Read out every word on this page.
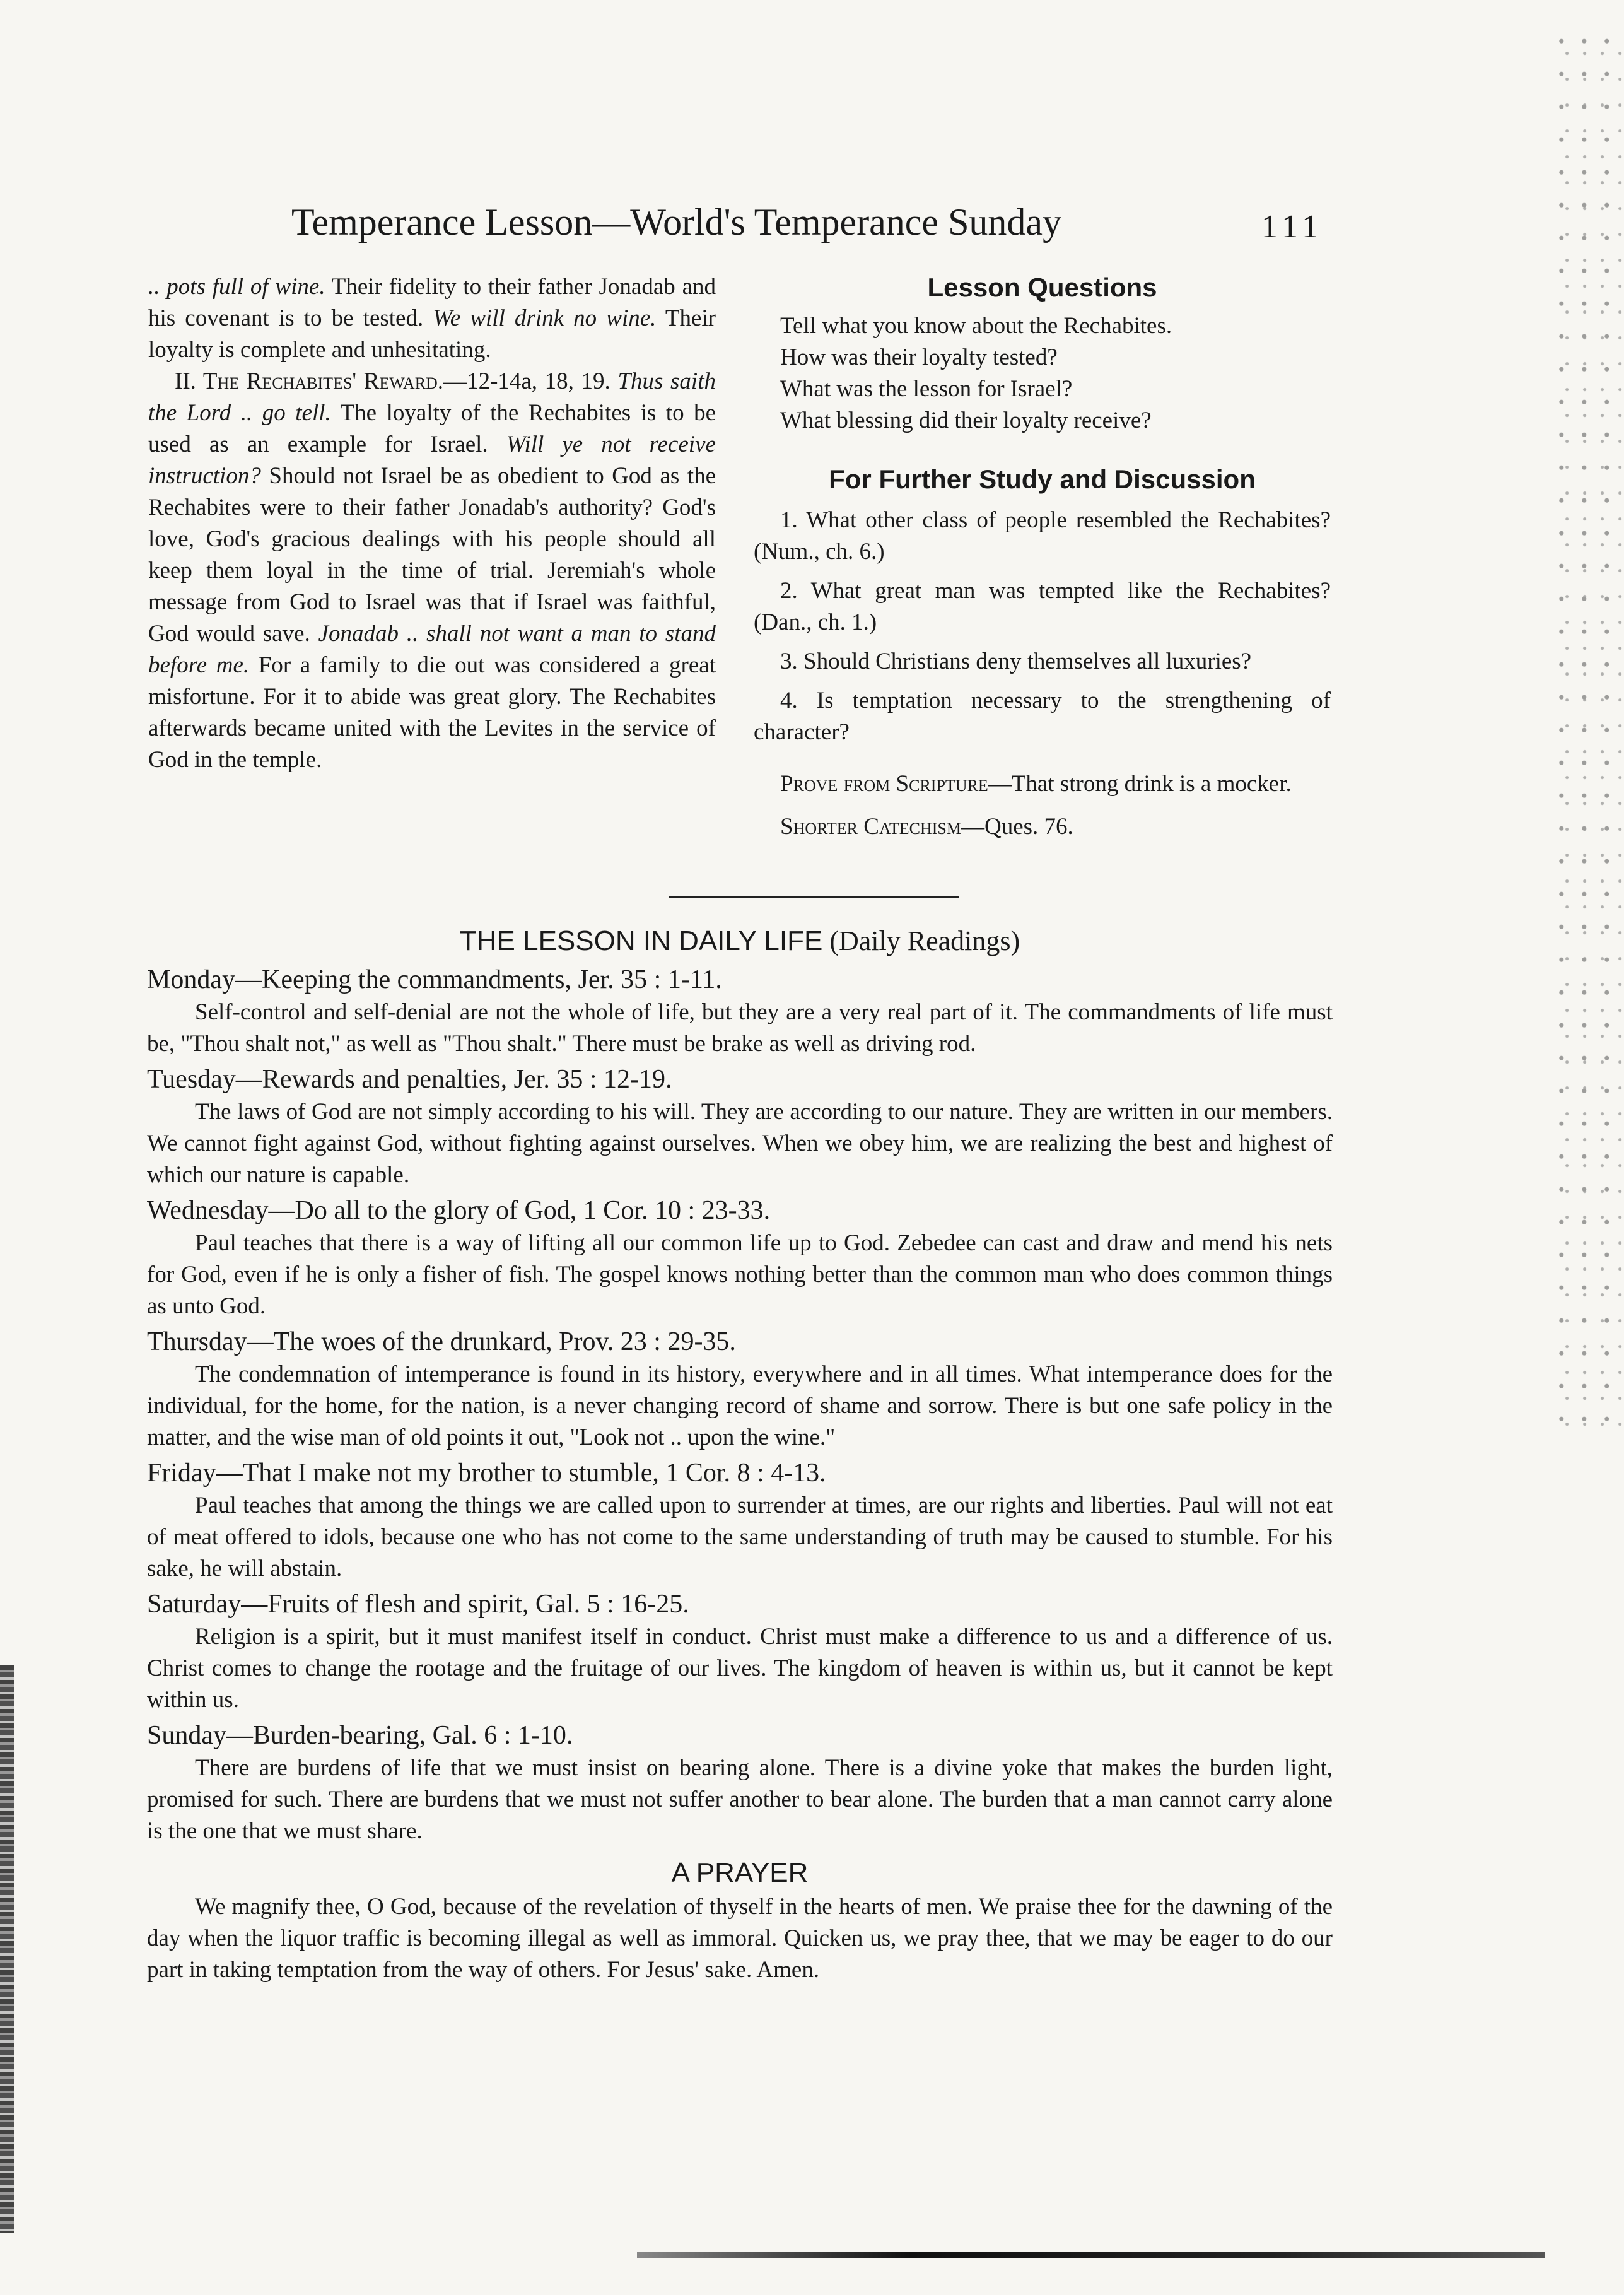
Temperance Lesson—World's Temperance Sunday	111

.. pots full of wine. Their fidelity to their father Jonadab and his covenant is to be tested. We will drink no wine. Their loyalty is complete and unhesitating.

II. The Rechabites' Reward.—12-14a, 18, 19. Thus saith the Lord .. go tell. The loyalty of the Rechabites is to be used as an example for Israel. Will ye not receive instruction? Should not Israel be as obedient to God as the Rechabites were to their father Jonadab's authority? God's love, God's gracious dealings with his people should all keep them loyal in the time of trial. Jeremiah's whole message from God to Israel was that if Israel was faithful, God would save. Jonadab .. shall not want a man to stand before me. For a family to die out was considered a great misfortune. For it to abide was great glory. The Rechabites afterwards became united with the Levites in the service of God in the temple.

Lesson Questions
Tell what you know about the Rechabites.
How was their loyalty tested?
What was the lesson for Israel?
What blessing did their loyalty receive?
For Further Study and Discussion

1. What other class of people resembled the Rechabites? (Num., ch. 6.)

2. What great man was tempted like the Rechabites? (Dan., ch. 1.)

3. Should Christians deny themselves all luxuries?

4. Is temptation necessary to the strengthening of character?

Prove from Scripture—That strong drink is a mocker.

Shorter Catechism—Ques. 76.

THE LESSON IN DAILY LIFE (Daily Readings)
Monday—Keeping the commandments, Jer. 35 : 1-11.

Self-control and self-denial are not the whole of life, but they are a very real part of it. The commandments of life must be, "Thou shalt not," as well as "Thou shalt." There must be brake as well as driving rod.

Tuesday—Rewards and penalties, Jer. 35 : 12-19.

The laws of God are not simply according to his will. They are according to our nature. They are written in our members. We cannot fight against God, without fighting against ourselves. When we obey him, we are realizing the best and highest of which our nature is capable.

Wednesday—Do all to the glory of God, 1 Cor. 10 : 23-33.

Paul teaches that there is a way of lifting all our common life up to God. Zebedee can cast and draw and mend his nets for God, even if he is only a fisher of fish. The gospel knows nothing better than the common man who does common things as unto God.

Thursday—The woes of the drunkard, Prov. 23 : 29-35.

The condemnation of intemperance is found in its history, everywhere and in all times. What intemperance does for the individual, for the home, for the nation, is a never changing record of shame and sorrow. There is but one safe policy in the matter, and the wise man of old points it out, "Look not .. upon the wine."

Friday—That I make not my brother to stumble, 1 Cor. 8 : 4-13.

Paul teaches that among the things we are called upon to surrender at times, are our rights and liberties. Paul will not eat of meat offered to idols, because one who has not come to the same understanding of truth may be caused to stumble. For his sake, he will abstain.

Saturday—Fruits of flesh and spirit, Gal. 5 : 16-25.

Religion is a spirit, but it must manifest itself in conduct. Christ must make a difference to us and a difference of us. Christ comes to change the rootage and the fruitage of our lives. The kingdom of heaven is within us, but it cannot be kept within us.

Sunday—Burden-bearing, Gal. 6 : 1-10.

There are burdens of life that we must insist on bearing alone. There is a divine yoke that makes the burden light, promised for such. There are burdens that we must not suffer another to bear alone. The burden that a man cannot carry alone is the one that we must share.

A PRAYER

We magnify thee, O God, because of the revelation of thyself in the hearts of men. We praise thee for the dawning of the day when the liquor traffic is becoming illegal as well as immoral. Quicken us, we pray thee, that we may be eager to do our part in taking temptation from the way of others. For Jesus' sake. Amen.
